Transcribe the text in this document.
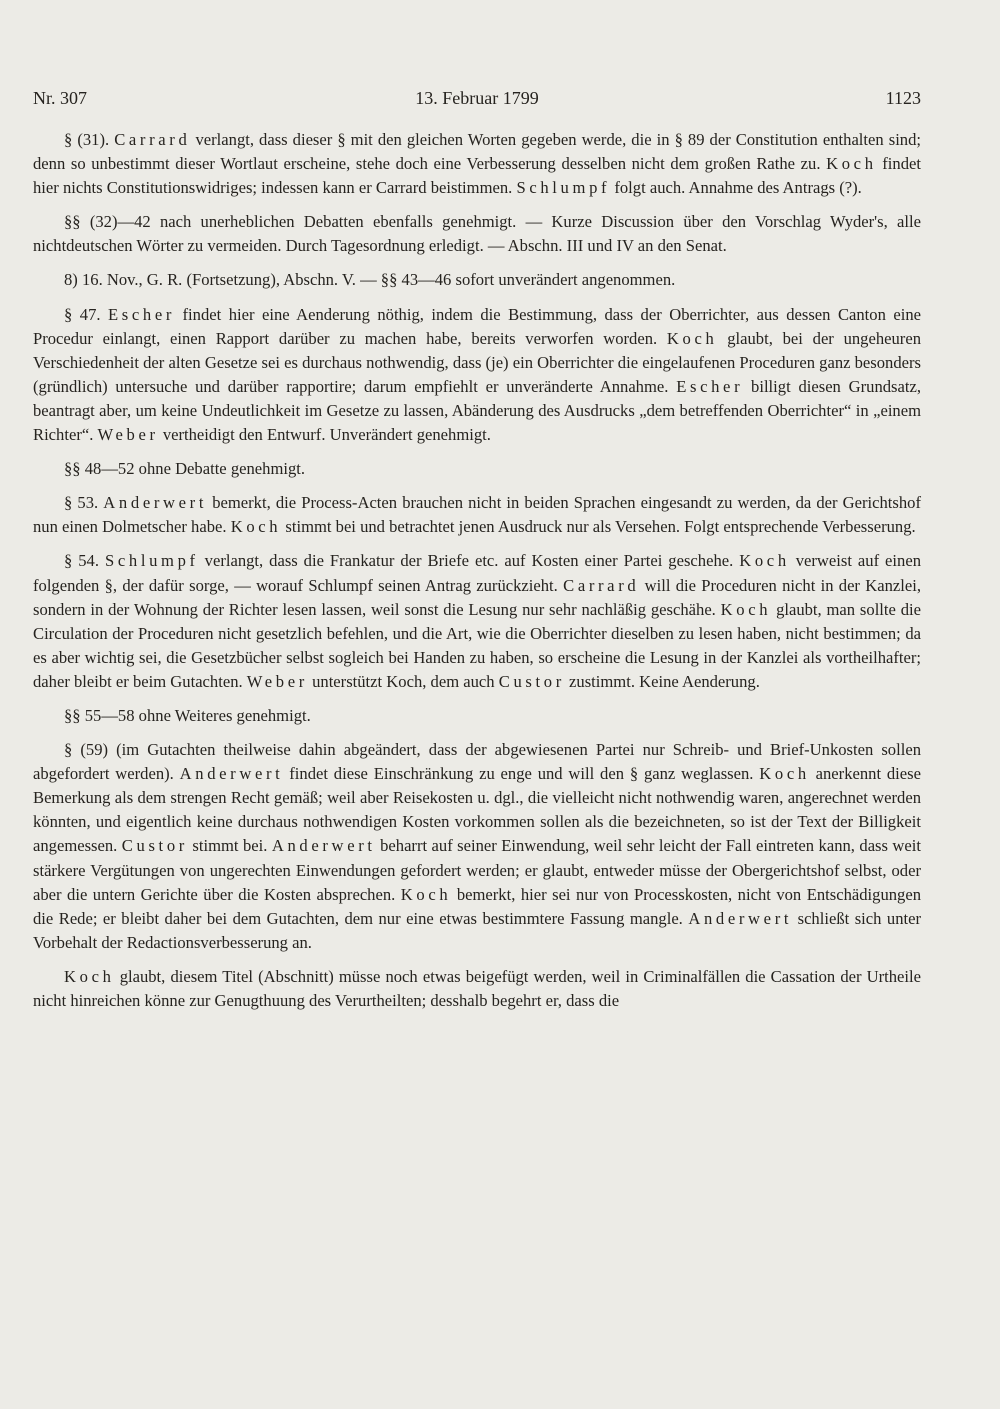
Nr. 307	13. Februar 1799	1123

§ (31). Carrard verlangt, dass dieser § mit den gleichen Worten gegeben werde, die in § 89 der Constitution enthalten sind; denn so unbestimmt dieser Wortlaut erscheine, stehe doch eine Verbesserung desselben nicht dem großen Rathe zu. Koch findet hier nichts Constitutionswidriges; indessen kann er Carrard beistimmen. Schlumpf folgt auch. Annahme des Antrags (?).

§§ (32)—42 nach unerheblichen Debatten ebenfalls genehmigt. — Kurze Discussion über den Vorschlag Wyder's, alle nichtdeutschen Wörter zu vermeiden. Durch Tagesordnung erledigt. — Abschn. III und IV an den Senat.

8) 16. Nov., G. R. (Fortsetzung), Abschn. V. — §§ 43—46 sofort unverändert angenommen.

§ 47. Escher findet hier eine Aenderung nöthig, indem die Bestimmung, dass der Oberrichter, aus dessen Canton eine Procedur einlangt, einen Rapport darüber zu machen habe, bereits verworfen worden. Koch glaubt, bei der ungeheuren Verschiedenheit der alten Gesetze sei es durchaus nothwendig, dass (je) ein Oberrichter die eingelaufenen Proceduren ganz besonders (gründlich) untersuche und darüber rapportire; darum empfiehlt er unveränderte Annahme. Escher billigt diesen Grundsatz, beantragt aber, um keine Undeutlichkeit im Gesetze zu lassen, Abänderung des Ausdrucks „dem betreffenden Oberrichter“ in „einem Richter“. Weber vertheidigt den Entwurf. Unverändert genehmigt.

§§ 48—52 ohne Debatte genehmigt.

§ 53. Anderwert bemerkt, die Process-Acten brauchen nicht in beiden Sprachen eingesandt zu werden, da der Gerichtshof nun einen Dolmetscher habe. Koch stimmt bei und betrachtet jenen Ausdruck nur als Versehen. Folgt entsprechende Verbesserung.

§ 54. Schlumpf verlangt, dass die Frankatur der Briefe etc. auf Kosten einer Partei geschehe. Koch verweist auf einen folgenden §, der dafür sorge, — worauf Schlumpf seinen Antrag zurückzieht. Carrard will die Proceduren nicht in der Kanzlei, sondern in der Wohnung der Richter lesen lassen, weil sonst die Lesung nur sehr nachläßig geschähe. Koch glaubt, man sollte die Circulation der Proceduren nicht gesetzlich befehlen, und die Art, wie die Oberrichter dieselben zu lesen haben, nicht bestimmen; da es aber wichtig sei, die Gesetzbücher selbst sogleich bei Handen zu haben, so erscheine die Lesung in der Kanzlei als vortheilhafter; daher bleibt er beim Gutachten. Weber unterstützt Koch, dem auch Custor zustimmt. Keine Aenderung.

§§ 55—58 ohne Weiteres genehmigt.

§ (59) (im Gutachten theilweise dahin abgeändert, dass der abgewiesenen Partei nur Schreib- und Brief-Unkosten sollen abgefordert werden). Anderwert findet diese Einschränkung zu enge und will den § ganz weglassen. Koch anerkennt diese Bemerkung als dem strengen Recht gemäß; weil aber Reisekosten u. dgl., die vielleicht nicht nothwendig waren, angerechnet werden könnten, und eigentlich keine durchaus nothwendigen Kosten vorkommen sollen als die bezeichneten, so ist der Text der Billigkeit angemessen. Custor stimmt bei. Anderwert beharrt auf seiner Einwendung, weil sehr leicht der Fall eintreten kann, dass weit stärkere Vergütungen von ungerechten Einwendungen gefordert werden; er glaubt, entweder müsse der Obergerichtshof selbst, oder aber die untern Gerichte über die Kosten absprechen. Koch bemerkt, hier sei nur von Processkosten, nicht von Entschädigungen die Rede; er bleibt daher bei dem Gutachten, dem nur eine etwas bestimmtere Fassung mangle. Anderwert schließt sich unter Vorbehalt der Redactionsverbesserung an.

Koch glaubt, diesem Titel (Abschnitt) müsse noch etwas beigefügt werden, weil in Criminalfällen die Cassation der Urtheile nicht hinreichen könne zur Genugthuung des Verurtheilten; desshalb begehrt er, dass die
